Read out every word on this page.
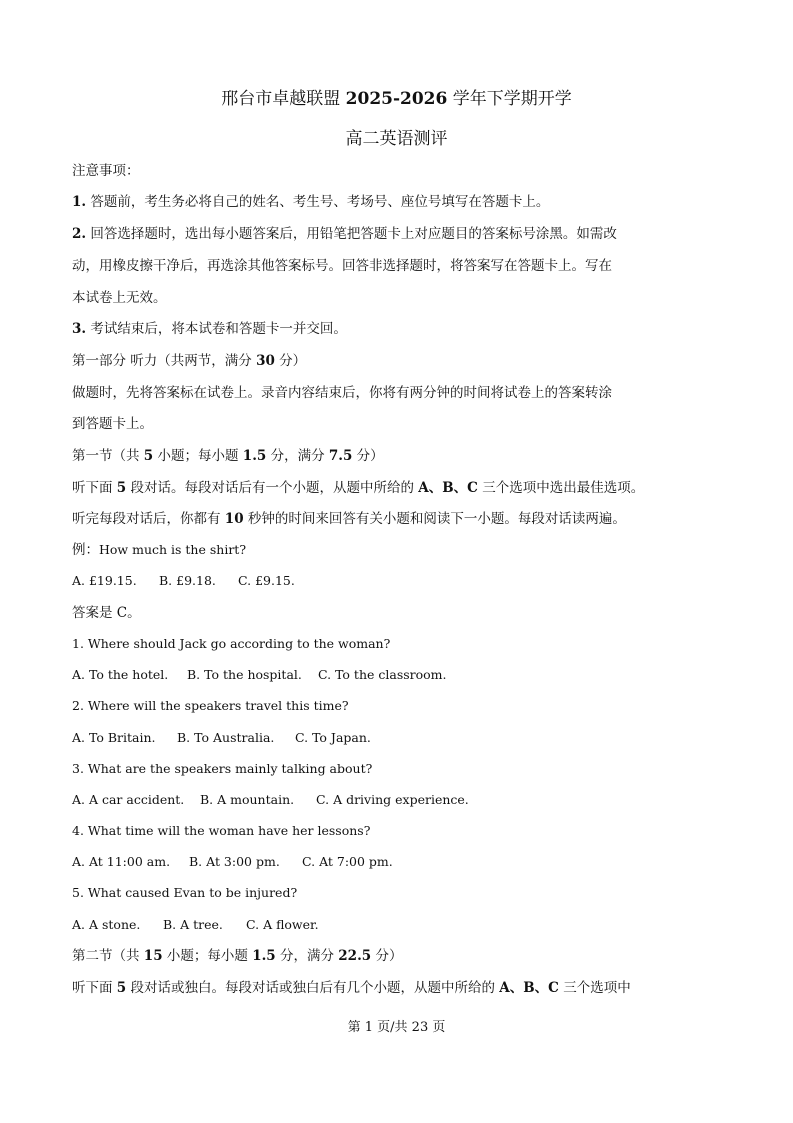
邢台市卓越联盟 2025-2026 学年下学期开学
高二英语测评
注意事项：
1. 答题前，考生务必将自己的姓名、考生号、考场号、座位号填写在答题卡上。
2. 回答选择题时，选出每小题答案后，用铅笔把答题卡上对应题目的答案标号涂黑。如需改
动，用橡皮擦干净后，再选涂其他答案标号。回答非选择题时，将答案写在答题卡上。写在
本试卷上无效。
3. 考试结束后，将本试卷和答题卡一并交回。
第一部分 听力（共两节，满分 30 分）
做题时，先将答案标在试卷上。录音内容结束后，你将有两分钟的时间将试卷上的答案转涂
到答题卡上。
第一节（共 5 小题；每小题 1.5 分，满分 7.5 分）
听下面 5 段对话。每段对话后有一个小题，从题中所给的 A、B、C 三个选项中选出最佳选项。
听完每段对话后，你都有 10 秒钟的时间来回答有关小题和阅读下一小题。每段对话读两遍。
例：How much is the shirt?
A. £19.15. B. £9.18. C. £9.15.
答案是 C。
1. Where should Jack go according to the woman?
A. To the hotel. B. To the hospital. C. To the classroom.
2. Where will the speakers travel this time?
A. To Britain. B. To Australia. C. To Japan.
3. What are the speakers mainly talking about?
A. A car accident. B. A mountain. C. A driving experience.
4. What time will the woman have her lessons?
A. At 11:00 am. B. At 3:00 pm. C. At 7:00 pm.
5. What caused Evan to be injured?
A. A stone. B. A tree. C. A flower.
第二节（共 15 小题；每小题 1.5 分，满分 22.5 分）
听下面 5 段对话或独白。每段对话或独白后有几个小题，从题中所给的 A、B、C 三个选项中
第 1 页/共 23 页
